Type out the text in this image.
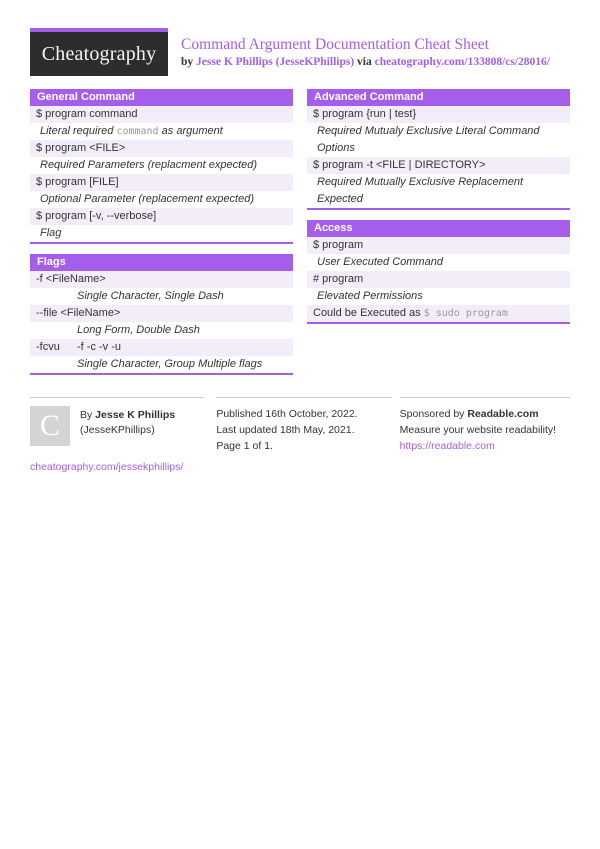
Cheatography Command Argument Documentation Cheat Sheet
by Jesse K Phillips (JesseKPhillips) via cheatography.com/133808/cs/28016/
General Command
$ program command
Literal required command as argument
$ program <FILE>
Required Parameters (replacment expected)
$ program [FILE]
Optional Parameter (replacement expected)
$ program [-v, --verbose]
Flag
Flags
-f <FileName>
Single Character, Single Dash
--file <FileName>
Long Form, Double Dash
-fcvu	-f -c -v -u
Single Character, Group Multiple flags
Advanced Command
$ program {run | test}
Required Mutualy Exclusive Literal Command Options
$ program -t <FILE | DIRECTORY>
Required Mutually Exclusive Replacement Expected
Access
$ program
User Executed Command
# program
Elevated Permissions
Could be Executed as $ sudo program
C	By Jesse K Phillips
(JesseKPhillips)
cheatography.com/jessekphillips/
Published 16th October, 2022.
Last updated 18th May, 2021.
Page 1 of 1.
Sponsored by Readable.com
Measure your website readability!
https://readable.com
